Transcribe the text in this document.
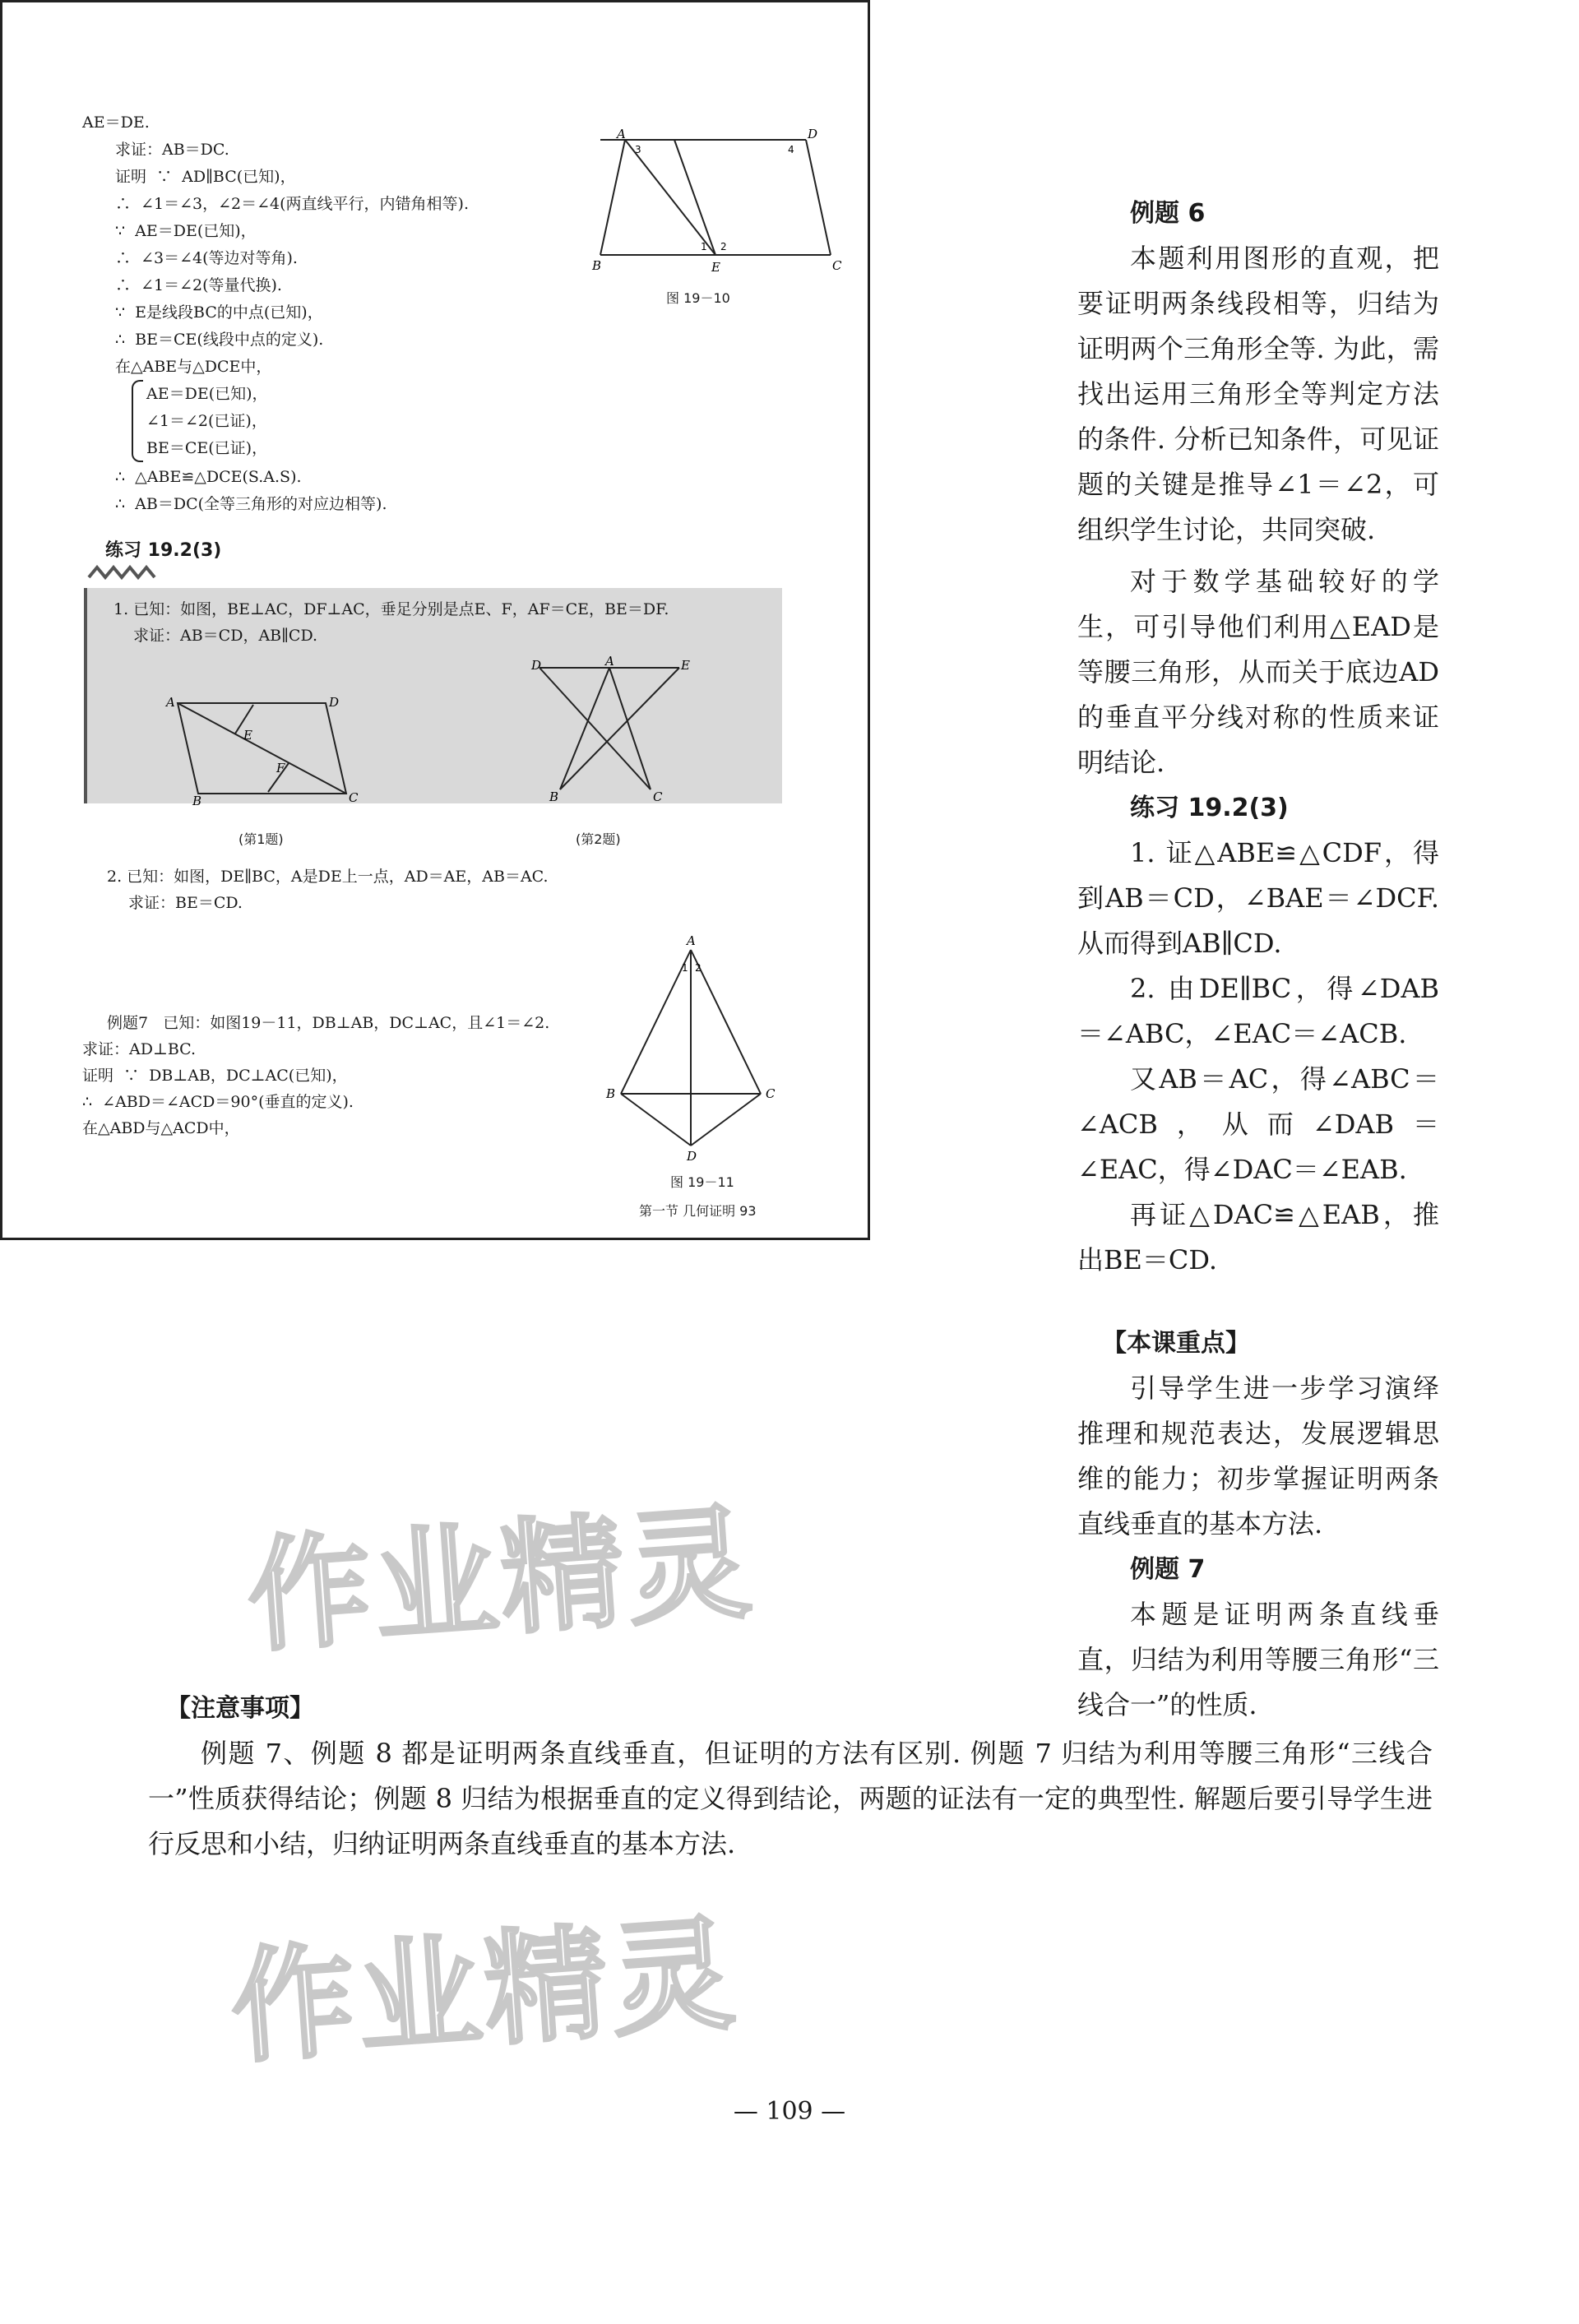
AE＝DE.
求证：AB＝DC.
证明  ∵  AD∥BC(已知)，
∴  ∠1＝∠3，∠2＝∠4(两直线平行，内错角相等).
∵  AE＝DE(已知)，
∴  ∠3＝∠4(等边对等角).
∴  ∠1＝∠2(等量代换).
∵  E是线段BC的中点(已知)，
∴  BE＝CE(线段中点的定义).
在△ABE与△DCE中，
AE＝DE(已知)，
∠1＝∠2(已证)，
BE＝CE(已证)，
∴  △ABE≌△DCE(S.A.S).
∴  AB＝DC(全等三角形的对应边相等).
A	D
B	E	C
3	4
1 2
图 19－10
练习 19.2(3)
1. 已知：如图，BE⊥AC，DF⊥AC，垂足分别是点E、F，AF＝CE，BE＝DF.
求证：AB＝CD，AB∥CD.
A	D
B	C
E
F
D	A	E
B	C
(第1题)	(第2题)
2. 已知：如图，DE∥BC，A是DE上一点，AD＝AE，AB＝AC.
求证：BE＝CD.
例题7   已知：如图19－11，DB⊥AB，DC⊥AC，且∠1＝∠2.
求证：AD⊥BC.
证明  ∵  DB⊥AB，DC⊥AC(已知)，
∴  ∠ABD＝∠ACD＝90°(垂直的定义).
在△ABD与△ACD中，
A
B	C
D
1 2
图 19－11
第一节 几何证明 93

例题 6

本题利用图形的直观，把要证明两条线段相等，归结为证明两个三角形全等. 为此，需找出运用三角形全等判定方法的条件. 分析已知条件，可见证题的关键是推导∠1＝∠2，可组织学生讨论，共同突破.

对于数学基础较好的学生，可引导他们利用△EAD是等腰三角形，从而关于底边AD的垂直平分线对称的性质来证明结论.

练习 19.2(3)

1. 证△ABE≌△CDF，得到AB＝CD，∠BAE＝∠DCF. 从而得到AB∥CD.

2. 由DE∥BC，得∠DAB＝∠ABC，∠EAC＝∠ACB.

又AB＝AC，得∠ABC＝∠ACB，从而∠DAB＝∠EAC，得∠DAC＝∠EAB.

再证△DAC≌△EAB，推出BE＝CD.

【本课重点】

引导学生进一步学习演绎推理和规范表达，发展逻辑思维的能力；初步掌握证明两条直线垂直的基本方法.

例题 7

本题是证明两条直线垂直，归结为利用等腰三角形“三线合一”的性质.

作业精灵
作业精灵

【注意事项】

例题 7、例题 8 都是证明两条直线垂直，但证明的方法有区别. 例题 7 归结为利用等腰三角形“三线合一”性质获得结论；例题 8 归结为根据垂直的定义得到结论，两题的证法有一定的典型性. 解题后要引导学生进行反思和小结，归纳证明两条直线垂直的基本方法.

— 109 —
